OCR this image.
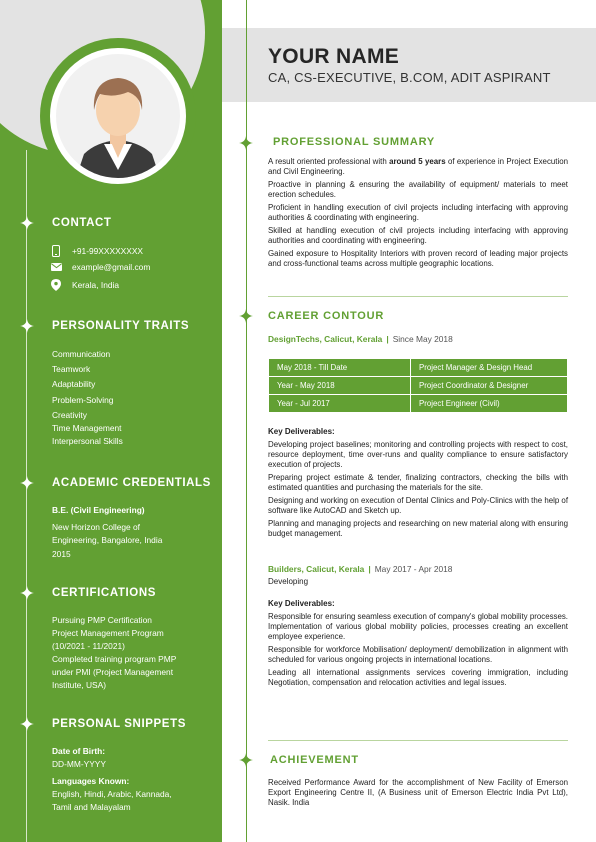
CONTACT
+91-99XXXXXXXX
example@gmail.com
Kerala, India
PERSONALITY TRAITS
Communication
Teamwork
Adaptability
Problem-Solving
Creativity
Time Management
Interpersonal Skills
ACADEMIC CREDENTIALS
B.E. (Civil Engineering)
New Horizon College of
Engineering, Bangalore, India
2015
CERTIFICATIONS
Pursuing PMP Certification
Project Management Program
(10/2021 - 11/2021)
Completed training program PMP
under PMI (Project Management
Institute, USA)
PERSONAL SNIPPETS
Date of Birth:
DD-MM-YYYY
Languages Known:
English, Hindi, Arabic, Kannada,
Tamil and Malayalam
YOUR NAME
CA, CS-EXECUTIVE, B.COM, ADIT ASPIRANT
PROFESSIONAL SUMMARY

A result oriented professional with around 5 years of experience in Project Execution and Civil Engineering.

Proactive in planning & ensuring the availability of equipment/ materials to meet erection schedules.

Proficient in handling execution of civil projects including interfacing with approving authorities & coordinating with engineering.

Skilled at handling execution of civil projects including interfacing with approving authorities and coordinating with engineering.

Gained exposure to Hospitality Interiors with proven record of leading major projects and cross-functional teams across multiple geographic locations.

CAREER CONTOUR
DesignTechs, Calicut, Kerala | Since May 2018
May 2018 - Till Date	Project Manager & Design Head
Year - May 2018	Project Coordinator & Designer
Year - Jul 2017	Project Engineer (Civil)
Key Deliverables:

Developing project baselines; monitoring and controlling projects with respect to cost, resource deployment, time over-runs and quality compliance to ensure satisfactory execution of projects.

Preparing project estimate & tender, finalizing contractors, checking the bills with estimated quantities and purchasing the materials for the site.

Designing and working on execution of Dental Clinics and Poly-Clinics with the help of software like AutoCAD and Sketch up.

Planning and managing projects and researching on new material along with ensuring budget management.

Builders, Calicut, Kerala | May 2017 - Apr 2018
Developing
Key Deliverables:

Responsible for ensuring seamless execution of company's global mobility processes. Implementation of various global mobility policies, processes creating an excellent employee experience.

Responsible for workforce Mobilisation/ deployment/ demobilization in alignment with scheduled for various ongoing projects in international locations.

Leading all international assignments services covering immigration, including Negotiation, compensation and relocation activities and legal issues.

ACHIEVEMENT
Received Performance Award for the accomplishment of New Facility of Emerson Export Engineering Centre II, (A Business unit of Emerson Electric India Pvt Ltd), Nasik. India
